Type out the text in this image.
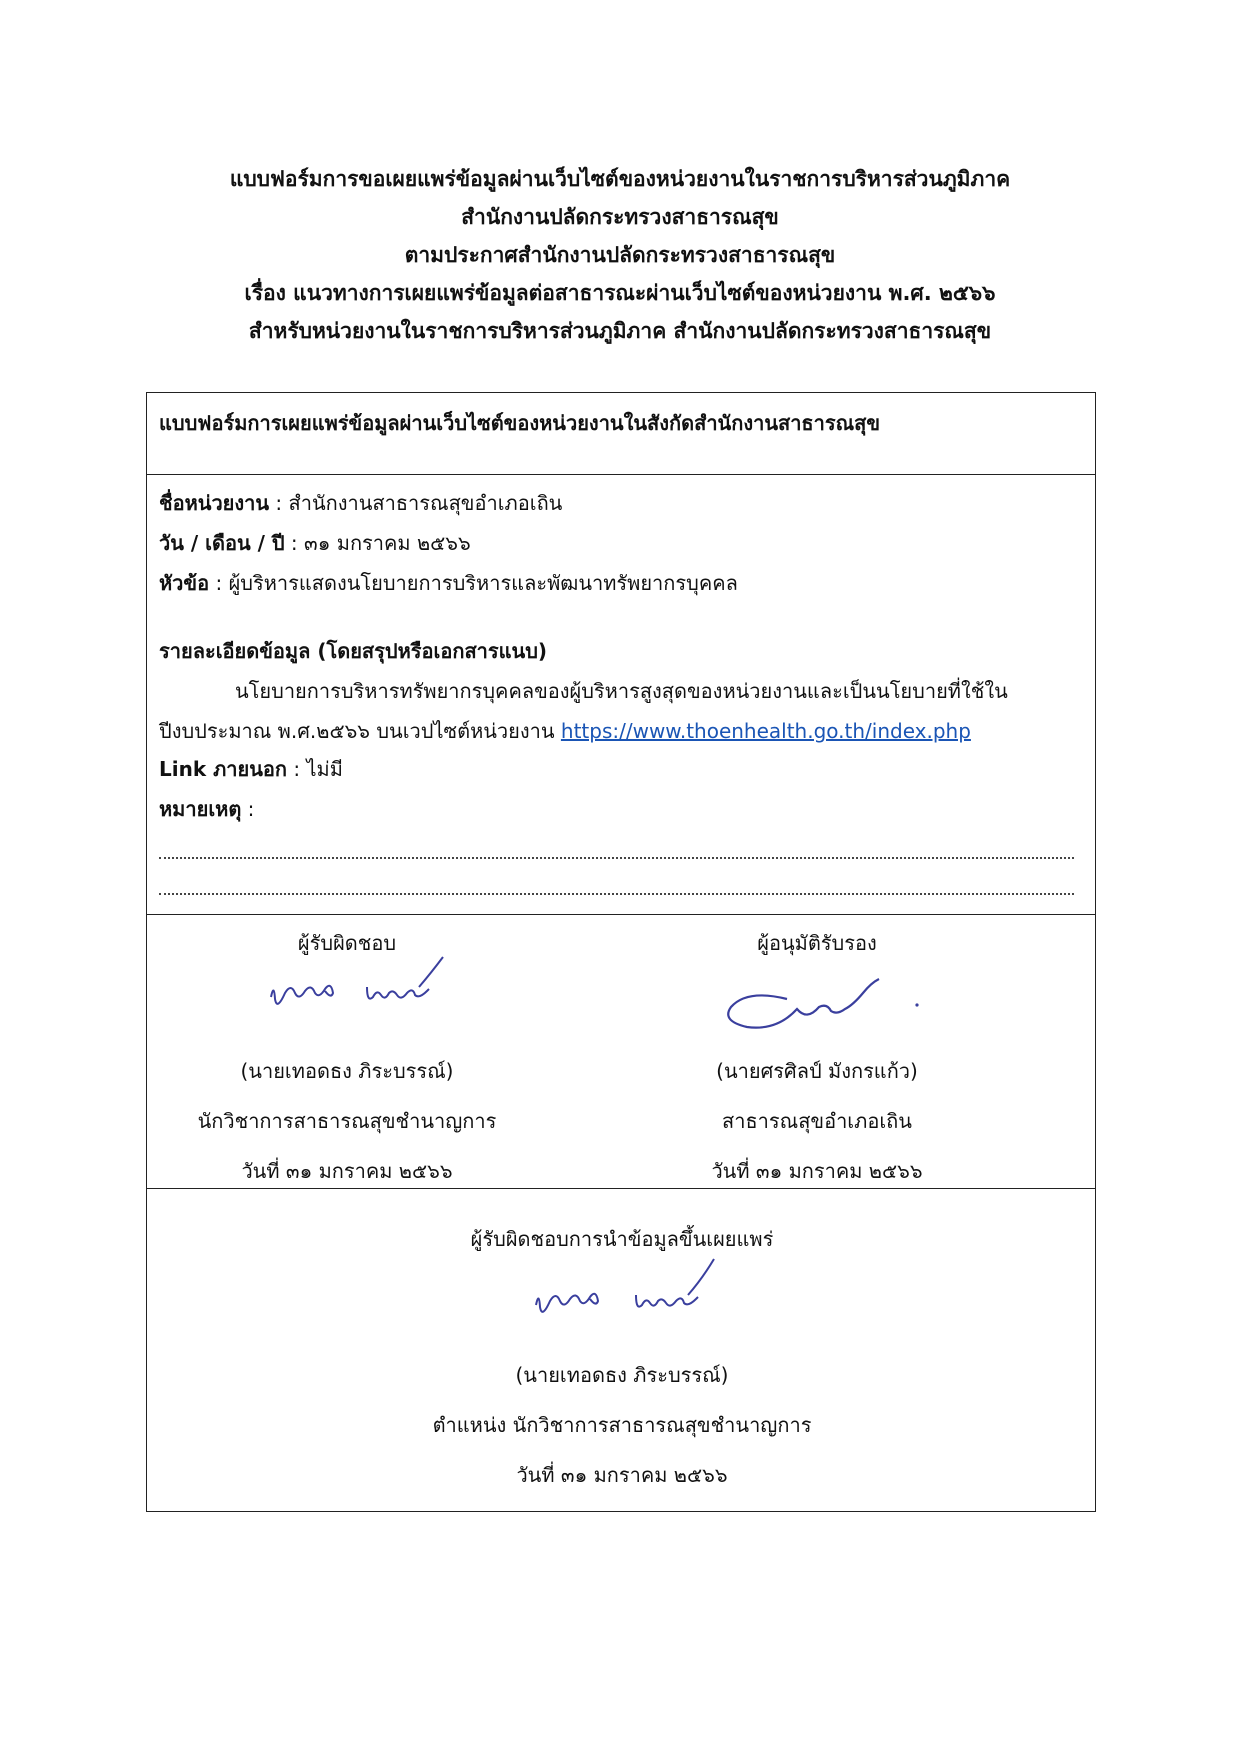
แบบฟอร์มการขอเผยแพร่ข้อมูลผ่านเว็บไซต์ของหน่วยงานในราชการบริหารส่วนภูมิภาค
สำนักงานปลัดกระทรวงสาธารณสุข
ตามประกาศสำนักงานปลัดกระทรวงสาธารณสุข
เรื่อง แนวทางการเผยแพร่ข้อมูลต่อสาธารณะผ่านเว็บไซต์ของหน่วยงาน พ.ศ. ๒๕๖๖
สำหรับหน่วยงานในราชการบริหารส่วนภูมิภาค สำนักงานปลัดกระทรวงสาธารณสุข
แบบฟอร์มการเผยแพร่ข้อมูลผ่านเว็บไซต์ของหน่วยงานในสังกัดสำนักงานสาธารณสุข
ชื่อหน่วยงาน : สำนักงานสาธารณสุขอำเภอเถิน
วัน / เดือน / ปี : ๓๑ มกราคม ๒๕๖๖
หัวข้อ : ผู้บริหารแสดงนโยบายการบริหารและพัฒนาทรัพยากรบุคคล
รายละเอียดข้อมูล (โดยสรุปหรือเอกสารแนบ)
นโยบายการบริหารทรัพยากรบุคคลของผู้บริหารสูงสุดของหน่วยงานและเป็นนโยบายที่ใช้ใน
ปีงบประมาณ พ.ศ.๒๕๖๖ บนเวปไซต์หน่วยงาน https://www.thoenhealth.go.th/index.php
Link ภายนอก : ไม่มี
หมายเหตุ :
ผู้รับผิดชอบ
(นายเทอดธง ภิระบรรณ์)
นักวิชาการสาธารณสุขชำนาญการ
วันที่ ๓๑ มกราคม ๒๕๖๖
ผู้อนุมัติรับรอง
(นายศรศิลป์ มังกรแก้ว)
สาธารณสุขอำเภอเถิน
วันที่ ๓๑ มกราคม ๒๕๖๖
ผู้รับผิดชอบการนำข้อมูลขึ้นเผยแพร่
(นายเทอดธง ภิระบรรณ์)
ตำแหน่ง นักวิชาการสาธารณสุขชำนาญการ
วันที่ ๓๑ มกราคม ๒๕๖๖
